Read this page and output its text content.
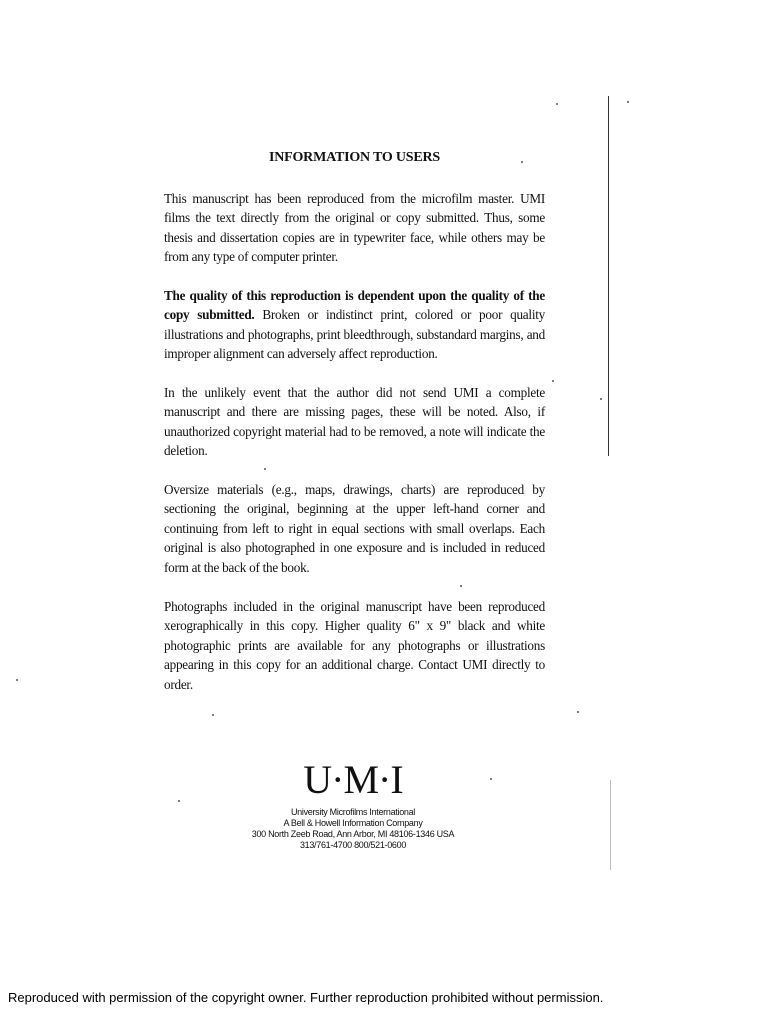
INFORMATION TO USERS
This manuscript has been reproduced from the microfilm master. UMI films the text directly from the original or copy submitted. Thus, some thesis and dissertation copies are in typewriter face, while others may be from any type of computer printer.
The quality of this reproduction is dependent upon the quality of the copy submitted. Broken or indistinct print, colored or poor quality illustrations and photographs, print bleedthrough, substandard margins, and improper alignment can adversely affect reproduction.
In the unlikely event that the author did not send UMI a complete manuscript and there are missing pages, these will be noted. Also, if unauthorized copyright material had to be removed, a note will indicate the deletion.
Oversize materials (e.g., maps, drawings, charts) are reproduced by sectioning the original, beginning at the upper left-hand corner and continuing from left to right in equal sections with small overlaps. Each original is also photographed in one exposure and is included in reduced form at the back of the book.
Photographs included in the original manuscript have been reproduced xerographically in this copy. Higher quality 6" x 9" black and white photographic prints are available for any photographs or illustrations appearing in this copy for an additional charge. Contact UMI directly to order.
U·M·I
University Microfilms International
A Bell & Howell Information Company
300 North Zeeb Road, Ann Arbor, MI 48106-1346 USA
313/761-4700 800/521-0600
Reproduced with permission of the copyright owner. Further reproduction prohibited without permission.
